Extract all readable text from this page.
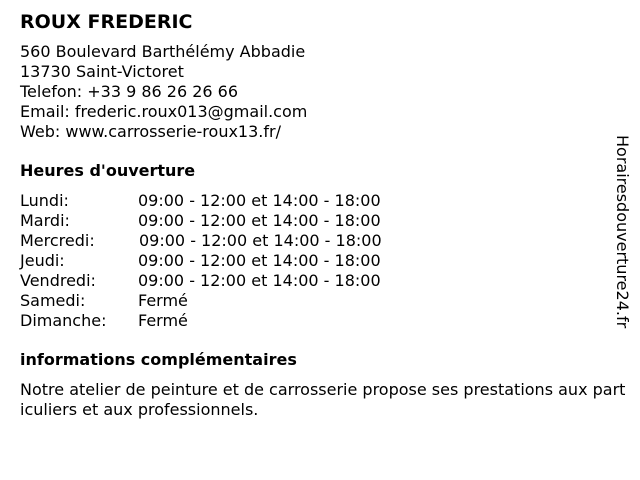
ROUX FREDERIC
560 Boulevard Barthélémy Abbadie
13730 Saint-Victoret
Telefon: +33 9 86 26 26 66
Email: frederic.roux013@gmail.com
Web: www.carrosserie-roux13.fr/
Heures d'ouverture
Lundi:	09:00 - 12:00 et 14:00 - 18:00
Mardi:	09:00 - 12:00 et 14:00 - 18:00
Mercredi:	09:00 - 12:00 et 14:00 - 18:00
Jeudi:	09:00 - 12:00 et 14:00 - 18:00
Vendredi:	09:00 - 12:00 et 14:00 - 18:00
Samedi:	Fermé
Dimanche:	Fermé
informations complémentaires
Notre atelier de peinture et de carrosserie propose ses prestations aux particuliers et aux professionnels.
Horairesdouverture24.fr
